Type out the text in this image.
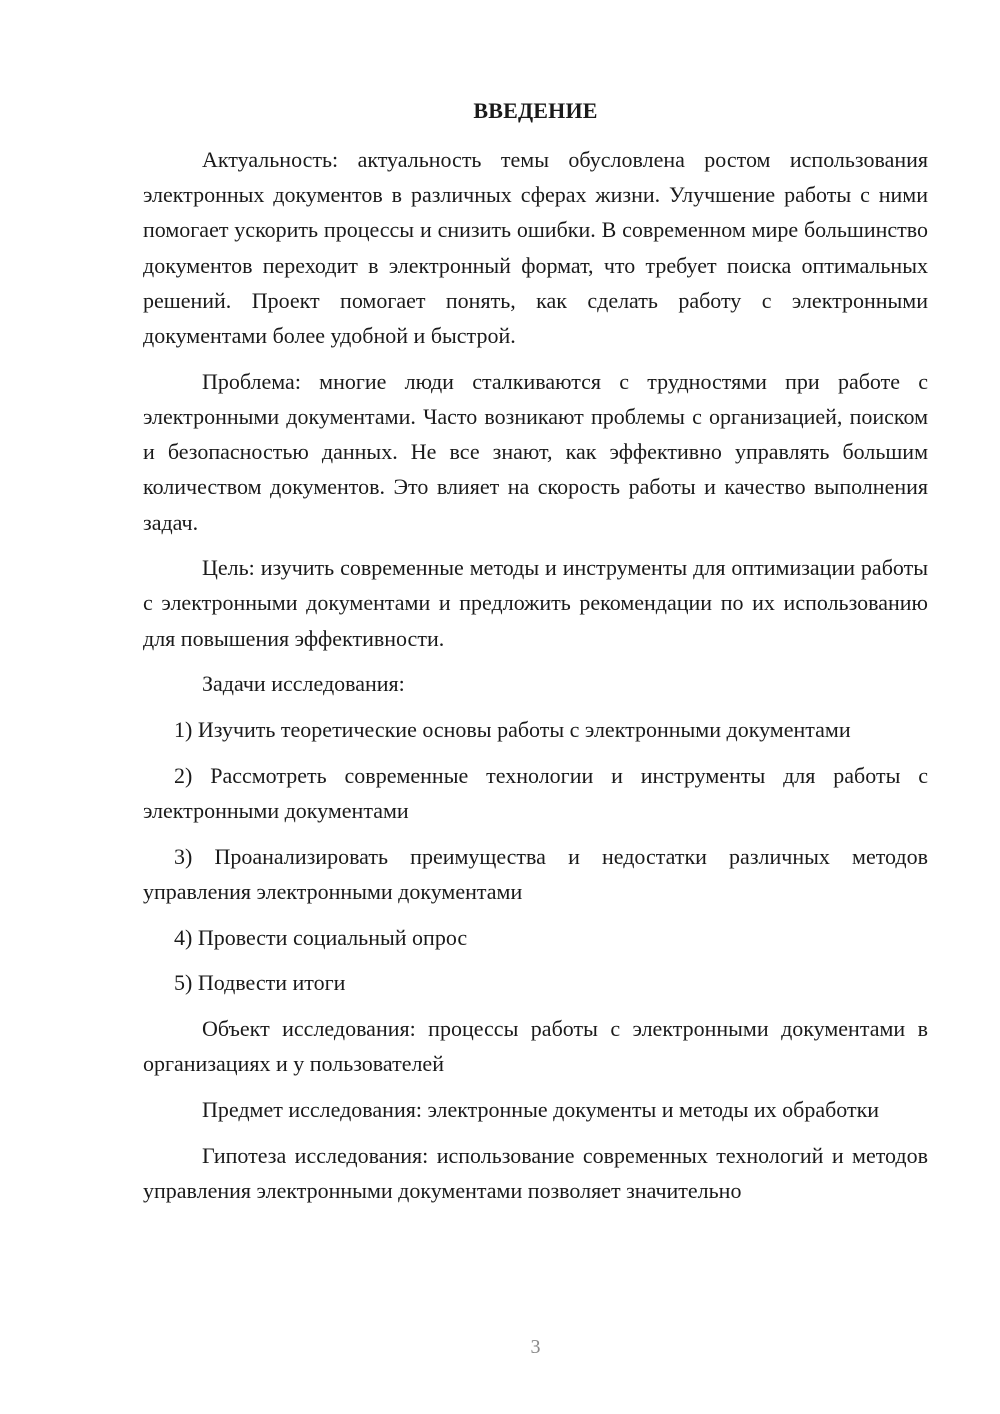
ВВЕДЕНИЕ

Актуальность: актуальность темы обусловлена ростом использования электронных документов в различных сферах жизни. Улучшение работы с ними помогает ускорить процессы и снизить ошибки. В современном мире большинство документов переходит в электронный формат, что требует поиска оптимальных решений. Проект помогает понять, как сделать работу с электронными документами более удобной и быстрой.

Проблема: многие люди сталкиваются с трудностями при работе с электронными документами. Часто возникают проблемы с организацией, поиском и безопасностью данных. Не все знают, как эффективно управлять большим количеством документов. Это влияет на скорость работы и качество выполнения задач.

Цель: изучить современные методы и инструменты для оптимизации работы с электронными документами и предложить рекомендации по их использованию для повышения эффективности.

Задачи исследования:

1) Изучить теоретические основы работы с электронными документами

2) Рассмотреть современные технологии и инструменты для работы с электронными документами

3) Проанализировать преимущества и недостатки различных методов управления электронными документами

4) Провести социальный опрос

5) Подвести итоги

Объект исследования: процессы работы с электронными документами в организациях и у пользователей

Предмет исследования: электронные документы и методы их обработки

Гипотеза исследования: использование современных технологий и методов управления электронными документами позволяет значительно

3
